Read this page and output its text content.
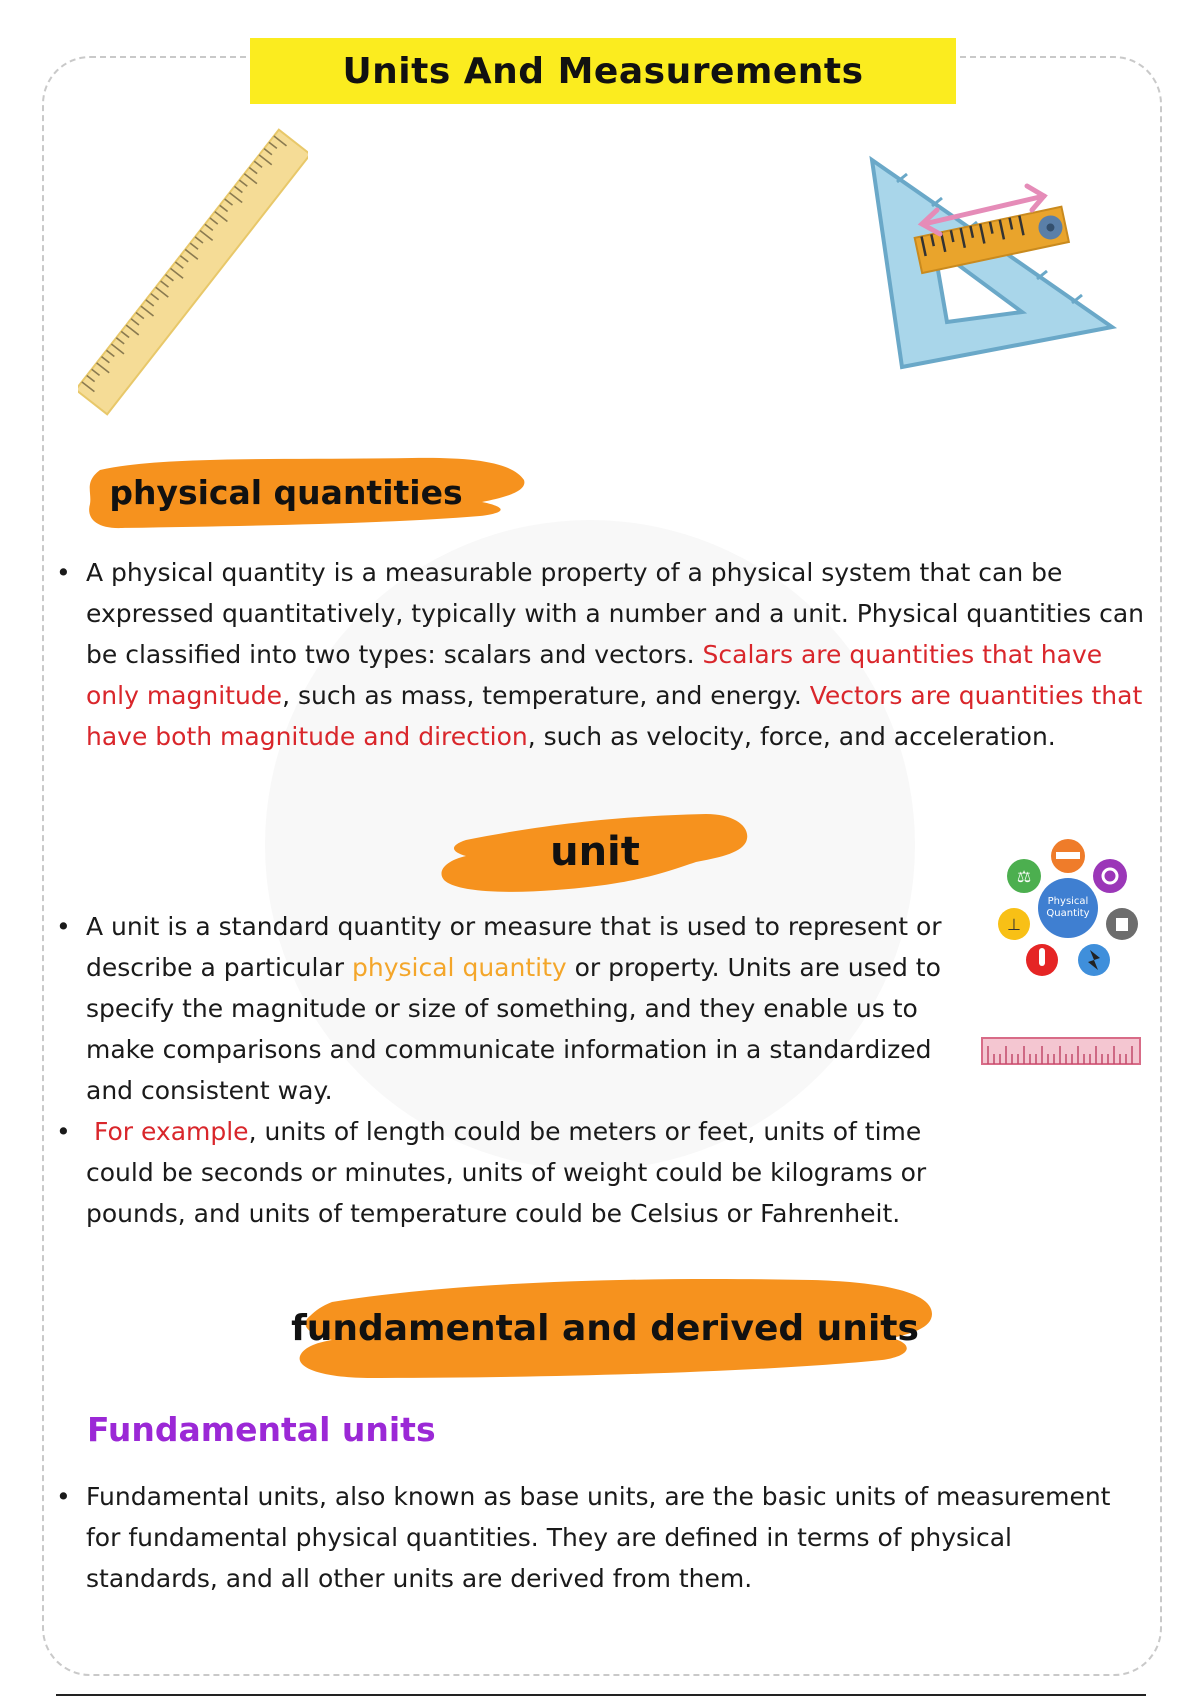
Units And Measurements
physical quantities
• A physical quantity is a measurable property of a physical system that can be expressed quantitatively, typically with a number and a unit. Physical quantities can be classified into two types: scalars and vectors. Scalars are quantities that have only magnitude, such as mass, temperature, and energy. Vectors are quantities that have both magnitude and direction, such as velocity, force, and acceleration.
unit
Physical
Quantity
⚖
⊥
• A unit is a standard quantity or measure that is used to represent or describe a particular physical quantity or property. Units are used to specify the magnitude or size of something, and they enable us to make comparisons and communicate information in a standardized and consistent way.
• For example, units of length could be meters or feet, units of time could be seconds or minutes, units of weight could be kilograms or pounds, and units of temperature could be Celsius or Fahrenheit.
fundamental and derived units
Fundamental units
• Fundamental units, also known as base units, are the basic units of measurement for fundamental physical quantities. They are defined in terms of physical standards, and all other units are derived from them.
